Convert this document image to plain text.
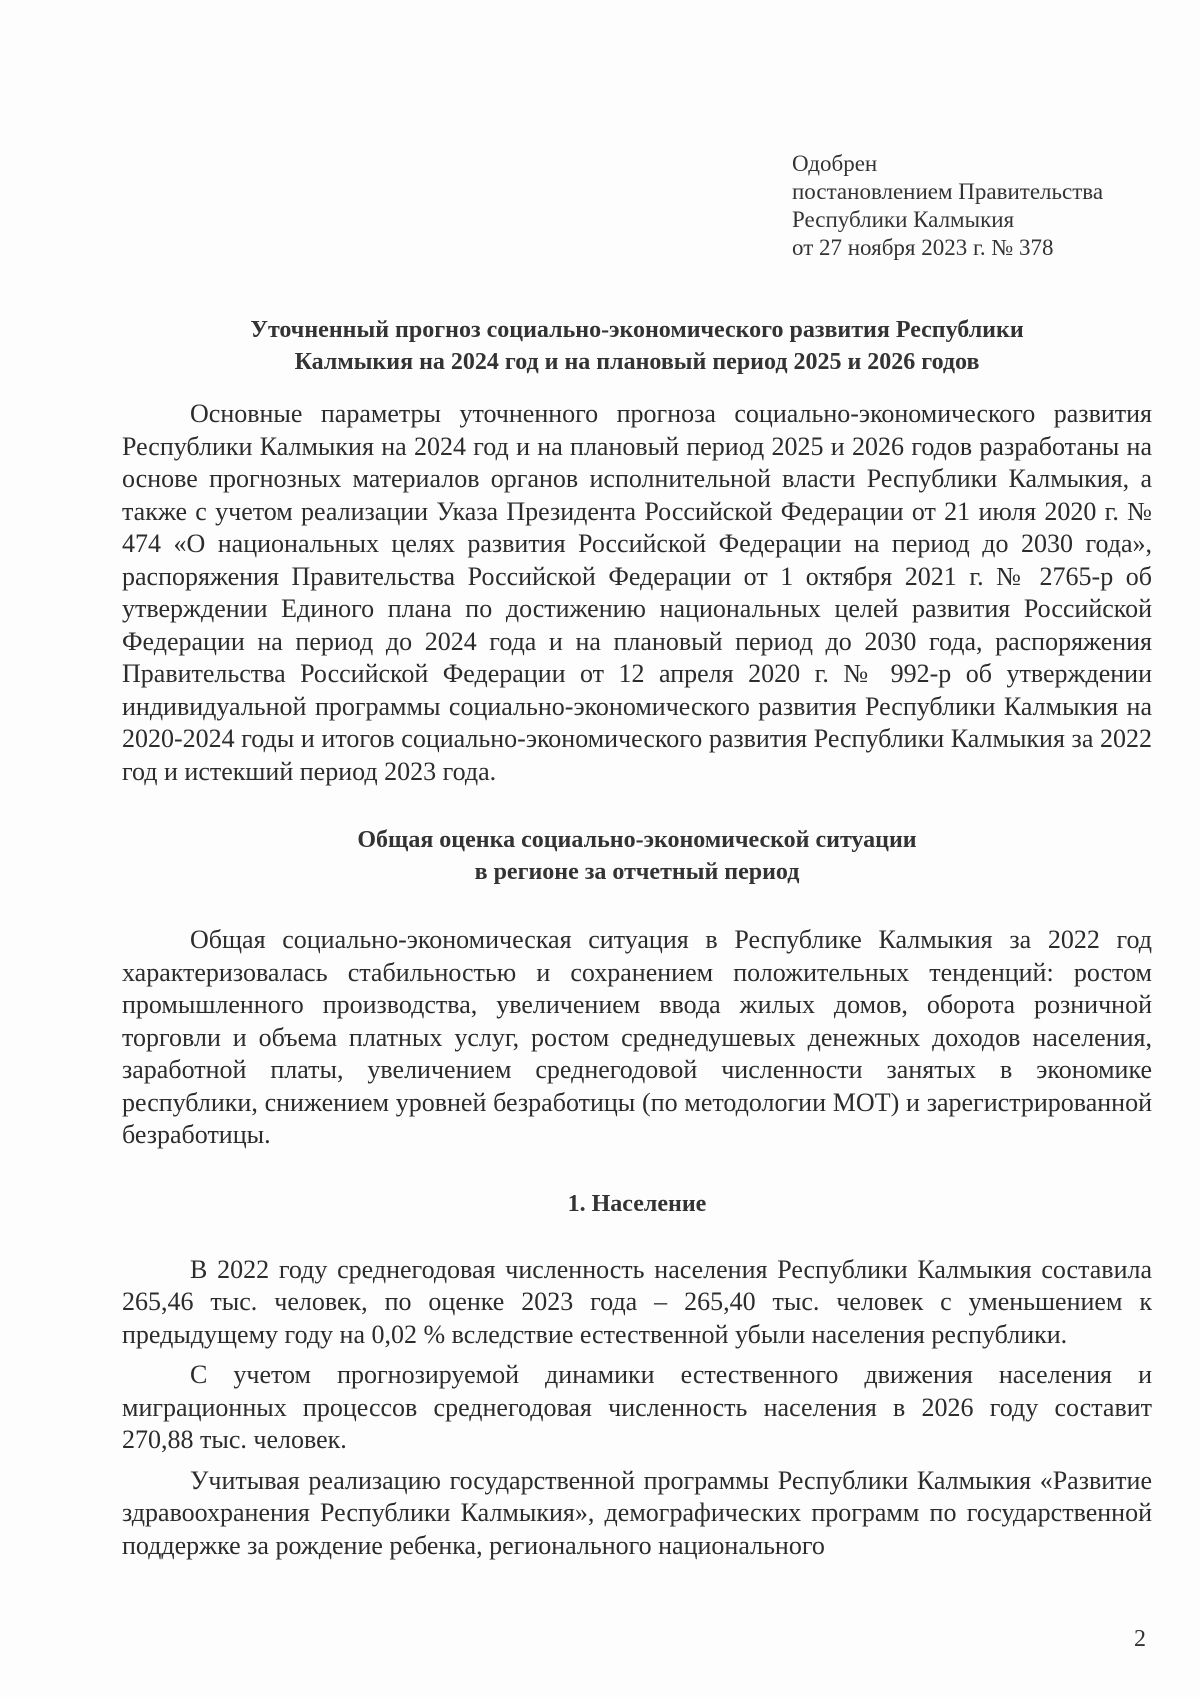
Одобрен
постановлением Правительства
Республики Калмыкия
от 27 ноября 2023 г. № 378
Уточненный прогноз социально-экономического развития Республики
Калмыкия на 2024 год и на плановый период 2025 и 2026 годов

Основные параметры уточненного прогноза социально-экономического развития Республики Калмыкия на 2024 год и на плановый период 2025 и 2026 годов разработаны на основе прогнозных материалов органов исполнительной власти Республики Калмыкия, а также с учетом реализации Указа Президента Российской Федерации от 21 июля 2020 г. № 474 «О национальных целях развития Российской Федерации на период до 2030 года», распоряжения Правительства Российской Федерации от 1 октября 2021 г. № 2765-р об утверждении Единого плана по достижению национальных целей развития Российской Федерации на период до 2024 года и на плановый период до 2030 года, распоряжения Правительства Российской Федерации от 12 апреля 2020 г. № 992-р об утверждении индивидуальной программы социально-экономического развития Республики Калмыкия на 2020-2024 годы и итогов социально-экономического развития Республики Калмыкия за 2022 год и истекший период 2023 года.

Общая оценка социально-экономической ситуации
в регионе за отчетный период

Общая социально-экономическая ситуация в Республике Калмыкия за 2022 год характеризовалась стабильностью и сохранением положительных тенденций: ростом промышленного производства, увеличением ввода жилых домов, оборота розничной торговли и объема платных услуг, ростом среднедушевых денежных доходов населения, заработной платы, увеличением среднегодовой численности занятых в экономике республики, снижением уровней безработицы (по методологии МОТ) и зарегистрированной безработицы.

1. Население

В 2022 году среднегодовая численность населения Республики Калмыкия составила 265,46 тыс. человек, по оценке 2023 года – 265,40 тыс. человек с уменьшением к предыдущему году на 0,02 % вследствие естественной убыли населения республики.

С учетом прогнозируемой динамики естественного движения населения и миграционных процессов среднегодовая численность населения в 2026 году составит 270,88 тыс. человек.

Учитывая реализацию государственной программы Республики Калмыкия «Развитие здравоохранения Республики Калмыкия», демографических программ по государственной поддержке за рождение ребенка, регионального национального

2
